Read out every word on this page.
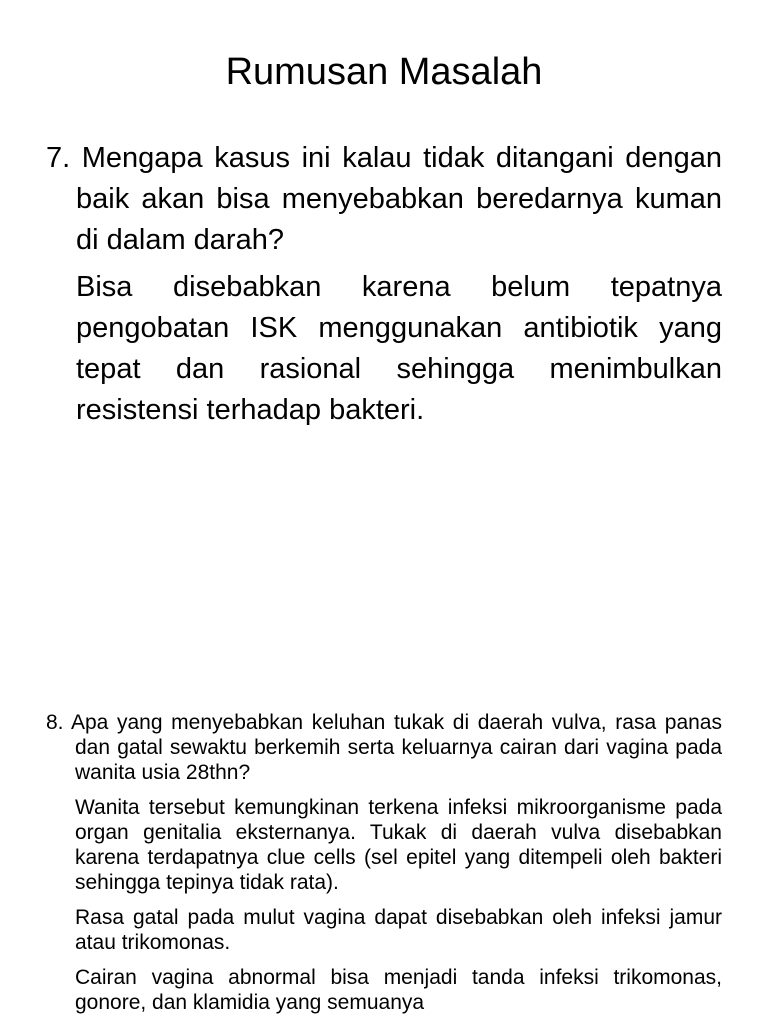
Rumusan Masalah

7. Mengapa kasus ini kalau tidak ditangani dengan baik akan bisa menyebabkan beredarnya kuman di dalam darah?

Bisa disebabkan karena belum tepatnya pengobatan ISK menggunakan antibiotik yang tepat dan rasional sehingga menimbulkan resistensi terhadap bakteri.

8. Apa yang menyebabkan keluhan tukak di daerah vulva, rasa panas dan gatal sewaktu berkemih serta keluarnya cairan dari vagina pada wanita usia 28thn?

Wanita tersebut kemungkinan terkena infeksi mikroorganisme pada organ genitalia eksternanya. Tukak di daerah vulva disebabkan karena terdapatnya clue cells (sel epitel yang ditempeli oleh bakteri sehingga tepinya tidak rata).

Rasa gatal pada mulut vagina dapat disebabkan oleh infeksi jamur atau trikomonas.

Cairan vagina abnormal bisa menjadi tanda infeksi trikomonas, gonore, dan klamidia yang semuanya
